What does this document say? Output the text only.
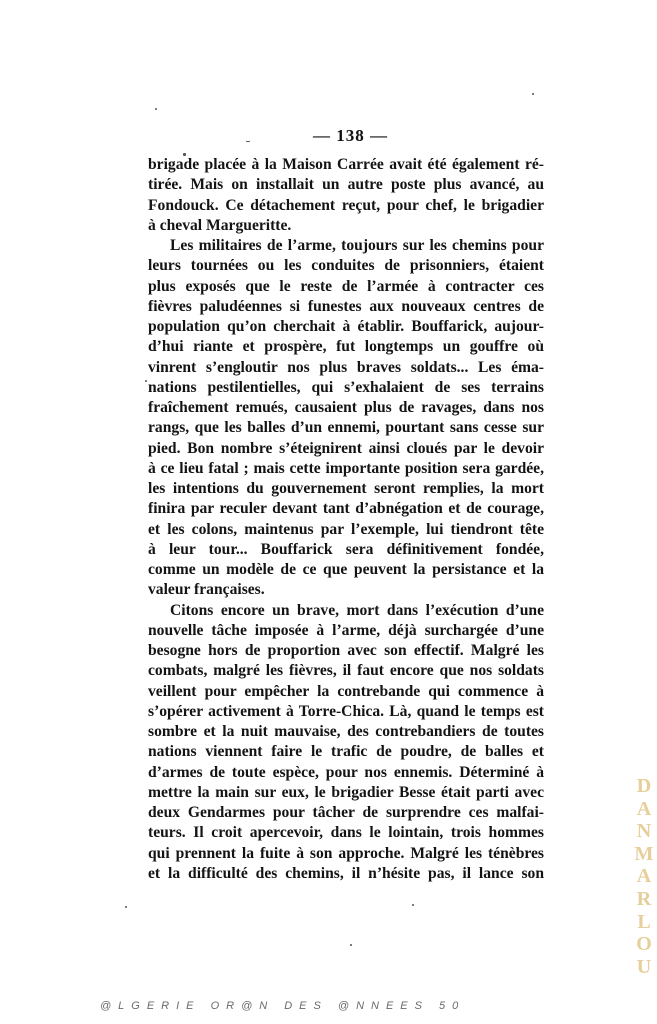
— 138 —
brigade placée à la Maison Carrée avait été également ré-
tirée. Mais on installait un autre poste plus avancé, au
Fondouck. Ce détachement reçut, pour chef, le brigadier
à cheval Margueritte.
Les militaires de l’arme, toujours sur les chemins pour
leurs tournées ou les conduites de prisonniers, étaient
plus exposés que le reste de l’armée à contracter ces
fièvres paludéennes si funestes aux nouveaux centres de
population qu’on cherchait à établir. Bouffarick, aujour-
d’hui riante et prospère, fut longtemps un gouffre où
vinrent s’engloutir nos plus braves soldats... Les éma-
nations pestilentielles, qui s’exhalaient de ses terrains
fraîchement remués, causaient plus de ravages, dans nos
rangs, que les balles d’un ennemi, pourtant sans cesse sur
pied. Bon nombre s’éteignirent ainsi cloués par le devoir
à ce lieu fatal ; mais cette importante position sera gardée,
les intentions du gouvernement seront remplies, la mort
finira par reculer devant tant d’abnégation et de courage,
et les colons, maintenus par l’exemple, lui tiendront tête
à leur tour... Bouffarick sera définitivement fondée,
comme un modèle de ce que peuvent la persistance et la
valeur françaises.
Citons encore un brave, mort dans l’exécution d’une
nouvelle tâche imposée à l’arme, déjà surchargée d’une
besogne hors de proportion avec son effectif. Malgré les
combats, malgré les fièvres, il faut encore que nos soldats
veillent pour empêcher la contrebande qui commence à
s’opérer activement à Torre-Chica. Là, quand le temps est
sombre et la nuit mauvaise, des contrebandiers de toutes
nations viennent faire le trafic de poudre, de balles et
d’armes de toute espèce, pour nos ennemis. Déterminé à
mettre la main sur eux, le brigadier Besse était parti avec
deux Gendarmes pour tâcher de surprendre ces malfai-
teurs. Il croit apercevoir, dans le lointain, trois hommes
qui prennent la fuite à son approche. Malgré les ténèbres
et la difficulté des chemins, il n’hésite pas, il lance son
D
A
N
M
A
R
L
O
U
@LGERIE OR@N DES @NNEES 50
